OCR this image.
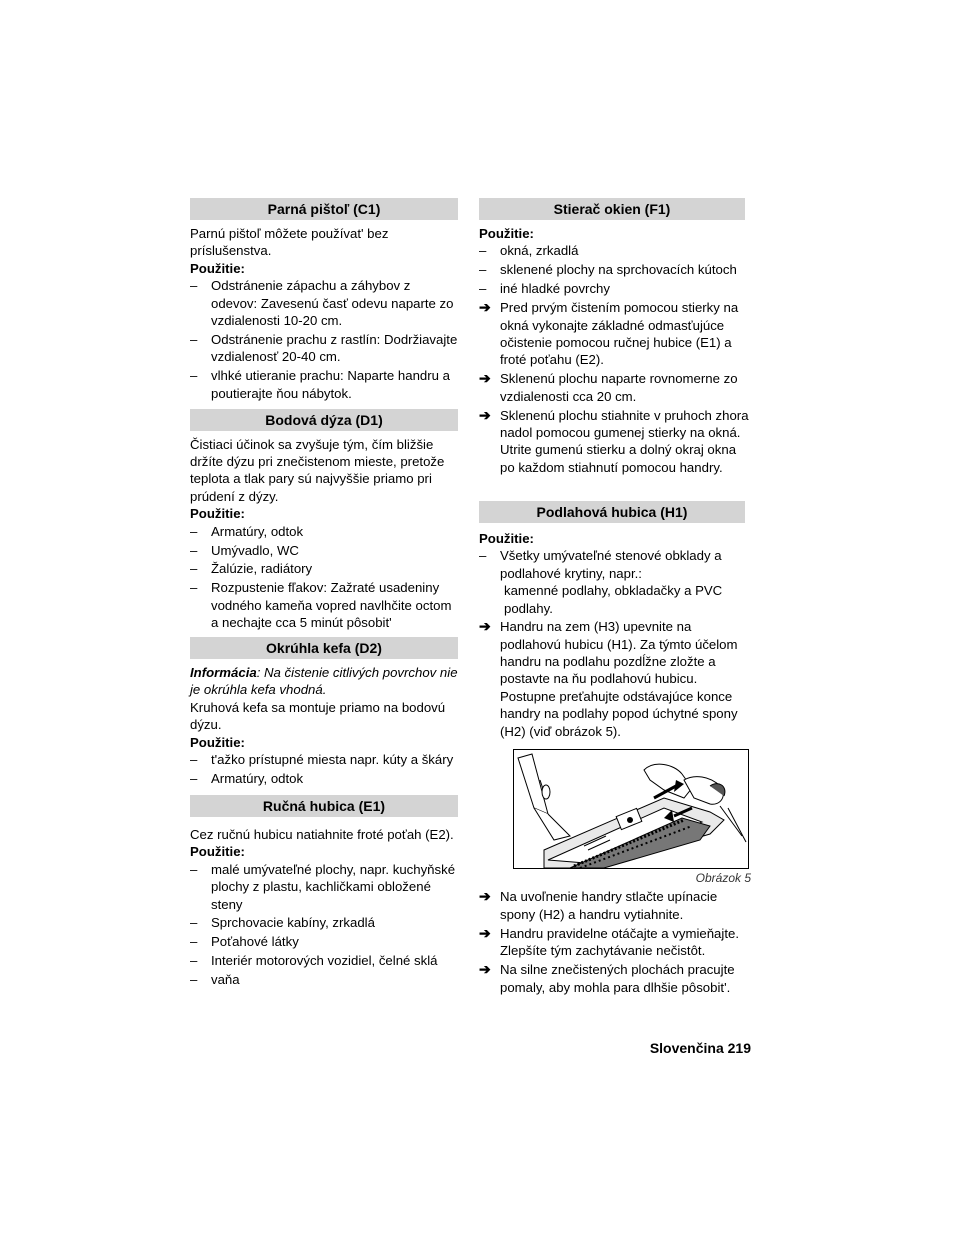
Parná pištoľ (C1)

Parnú pištoľ môžete používat' bez príslušenstva.

Použitie:

–	Odstránenie zápachu a záhybov z odevov: Zavesenú časť odevu naparte zo vzdialenosti 10-20 cm.
–	Odstránenie prachu z rastlín: Dodržiavajte vzdialenosť 20-40 cm.
–	vlhké utieranie prachu: Naparte handru a poutierajte ňou nábytok.
Bodová dýza (D1)

Čistiaci účinok sa zvyšuje tým, čím bližšie držíte dýzu pri znečistenom mieste, pretože teplota a tlak pary sú najvyššie priamo pri prúdení z dýzy.

Použitie:

–	Armatúry, odtok
–	Umývadlo, WC
–	Žalúzie, radiátory
–	Rozpustenie fľakov: Zažraté usadeniny vodného kameňa vopred navlhčite octom a nechajte cca 5 minút pôsobit'
Okrúhla kefa (D2)

Informácia: Na čistenie citlivých povrchov nie je okrúhla kefa vhodná.

Kruhová kefa sa montuje priamo na bodovú dýzu.

Použitie:

–	t'ažko prístupné miesta napr. kúty a škáry
–	Armatúry, odtok
Ručná hubica (E1)

Cez ručnú hubicu natiahnite froté poťah (E2).

Použitie:

–	malé umývateľné plochy, napr. kuchyňské plochy z plastu, kachličkami obložené steny
–	Sprchovacie kabíny, zrkadlá
–	Poťahové látky
–	Interiér motorových vozidiel, čelné sklá
–	vaňa
Stierač okien (F1)

Použitie:

–	okná, zrkadlá
–	sklenené plochy na sprchovacích kútoch
–	iné hladké povrchy
➔ Pred prvým čistením pomocou stierky na okná vykonajte základné odmasťujúce očistenie pomocou ručnej hubice (E1) a froté poťahu (E2).
➔ Sklenenú plochu naparte rovnomerne zo vzdialenosti cca 20 cm.
➔ Sklenenú plochu stiahnite v pruhoch zhora nadol pomocou gumenej stierky na okná. Utrite gumenú stierku a dolný okraj okna po každom stiahnutí pomocou handry.
Podlahová hubica (H1)

Použitie:

–	Všetky umývateľné stenové obklady a podlahové krytiny, napr.:

kamenné podlahy, obkladačky a PVC podlahy.

➔ Handru na zem (H3) upevnite na podlahovú hubicu (H1). Za týmto účelom handru na podlahu pozdĺžne zložte a postavte na ňu podlahovú hubicu. Postupne preťahujte odstávajúce konce handry na podlahy popod úchytné spony (H2) (viď obrázok 5).
Obrázok 5
➔ Na uvoľnenie handry stlačte upínacie spony (H2) a handru vytiahnite.
➔ Handru pravidelne otáčajte a vymieňajte. Zlepšíte tým zachytávanie nečistôt.
➔ Na silne znečistených plochách pracujte pomaly, aby mohla para dlhšie pôsobit'.
Slovenčina 219
